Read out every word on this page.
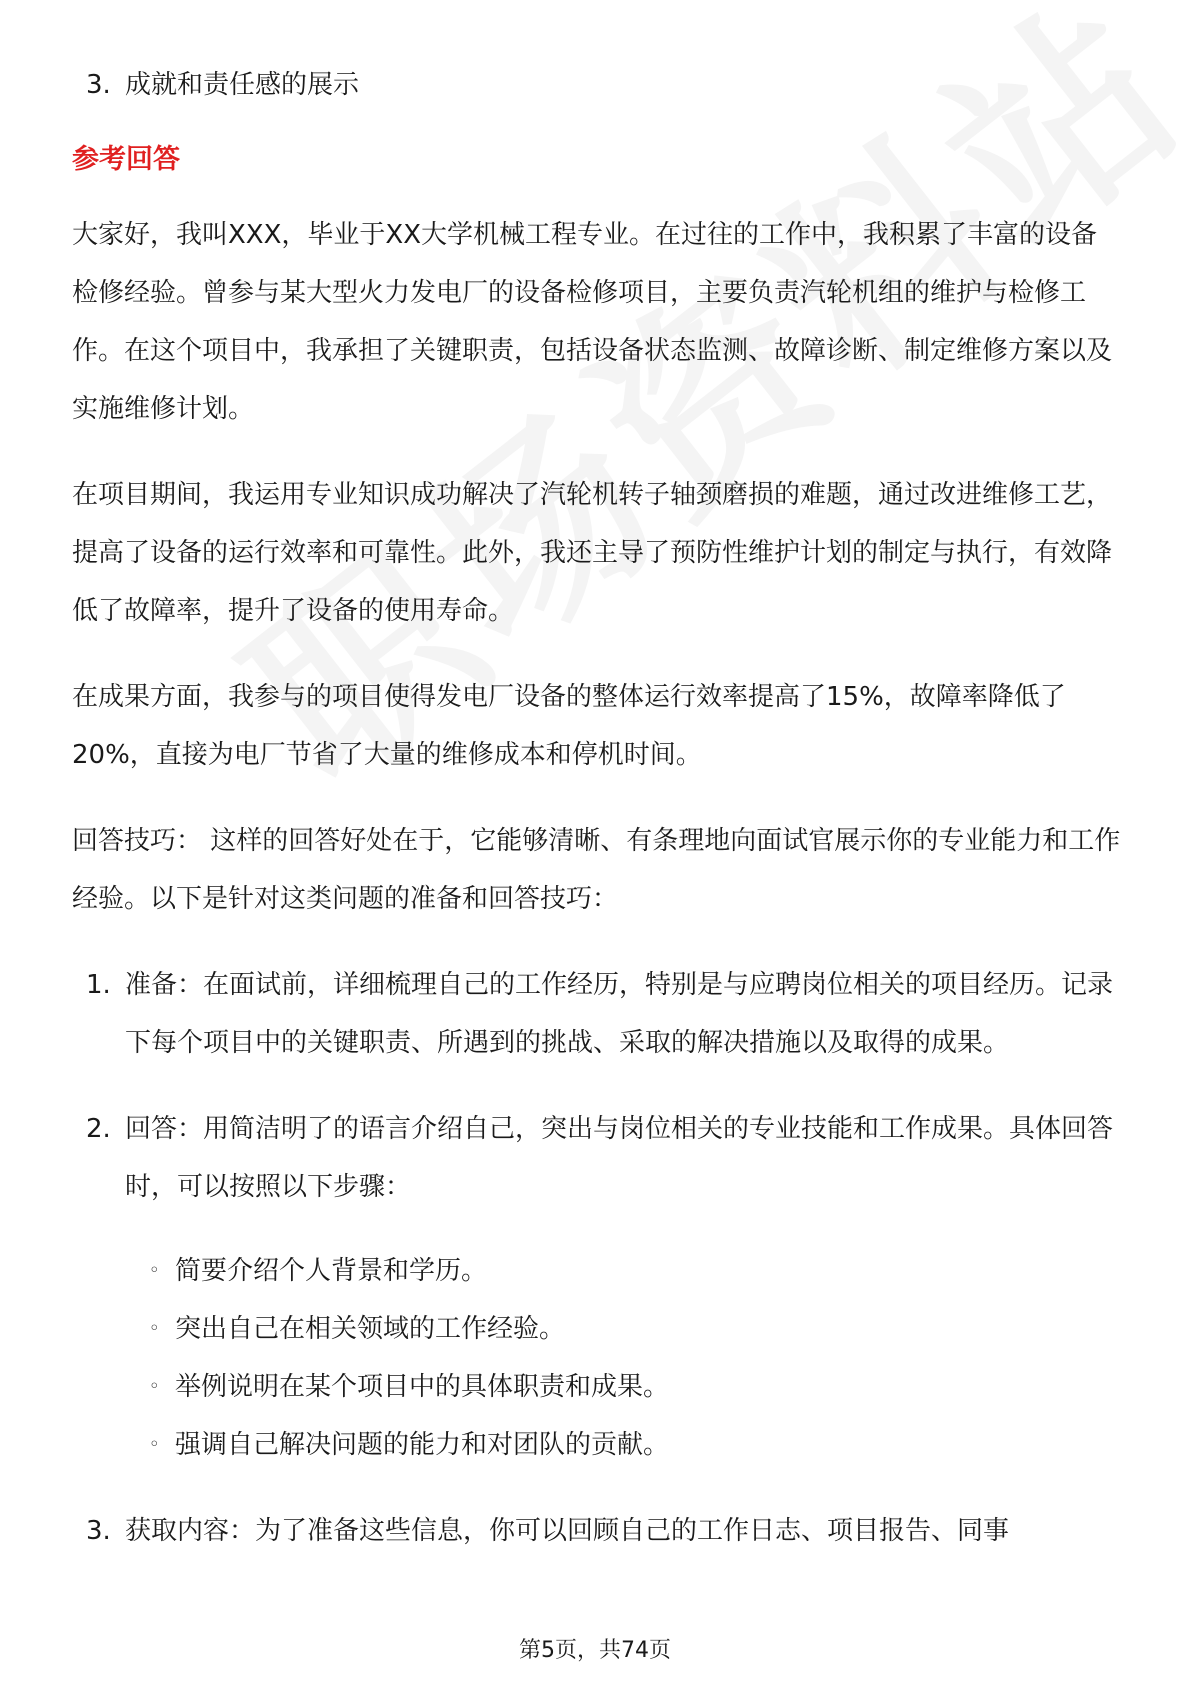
3. 成就和责任感的展示
参考回答
大家好，我叫XXX，毕业于XX大学机械工程专业。在过往的工作中，我积累了丰富的设备检修经验。曾参与某大型火力发电厂的设备检修项目，主要负责汽轮机组的维护与检修工作。在这个项目中，我承担了关键职责，包括设备状态监测、故障诊断、制定维修方案以及实施维修计划。
在项目期间，我运用专业知识成功解决了汽轮机转子轴颈磨损的难题，通过改进维修工艺，提高了设备的运行效率和可靠性。此外，我还主导了预防性维护计划的制定与执行，有效降低了故障率，提升了设备的使用寿命。
在成果方面，我参与的项目使得发电厂设备的整体运行效率提高了15%，故障率降低了20%，直接为电厂节省了大量的维修成本和停机时间。
回答技巧： 这样的回答好处在于，它能够清晰、有条理地向面试官展示你的专业能力和工作经验。以下是针对这类问题的准备和回答技巧：
1. 准备：在面试前，详细梳理自己的工作经历，特别是与应聘岗位相关的项目经历。记录下每个项目中的关键职责、所遇到的挑战、采取的解决措施以及取得的成果。
2. 回答：用简洁明了的语言介绍自己，突出与岗位相关的专业技能和工作成果。具体回答时，可以按照以下步骤：
◦ 简要介绍个人背景和学历。
◦ 突出自己在相关领域的工作经验。
◦ 举例说明在某个项目中的具体职责和成果。
◦ 强调自己解决问题的能力和对团队的贡献。
3. 获取内容：为了准备这些信息，你可以回顾自己的工作日志、项目报告、同事
第5页，共74页
